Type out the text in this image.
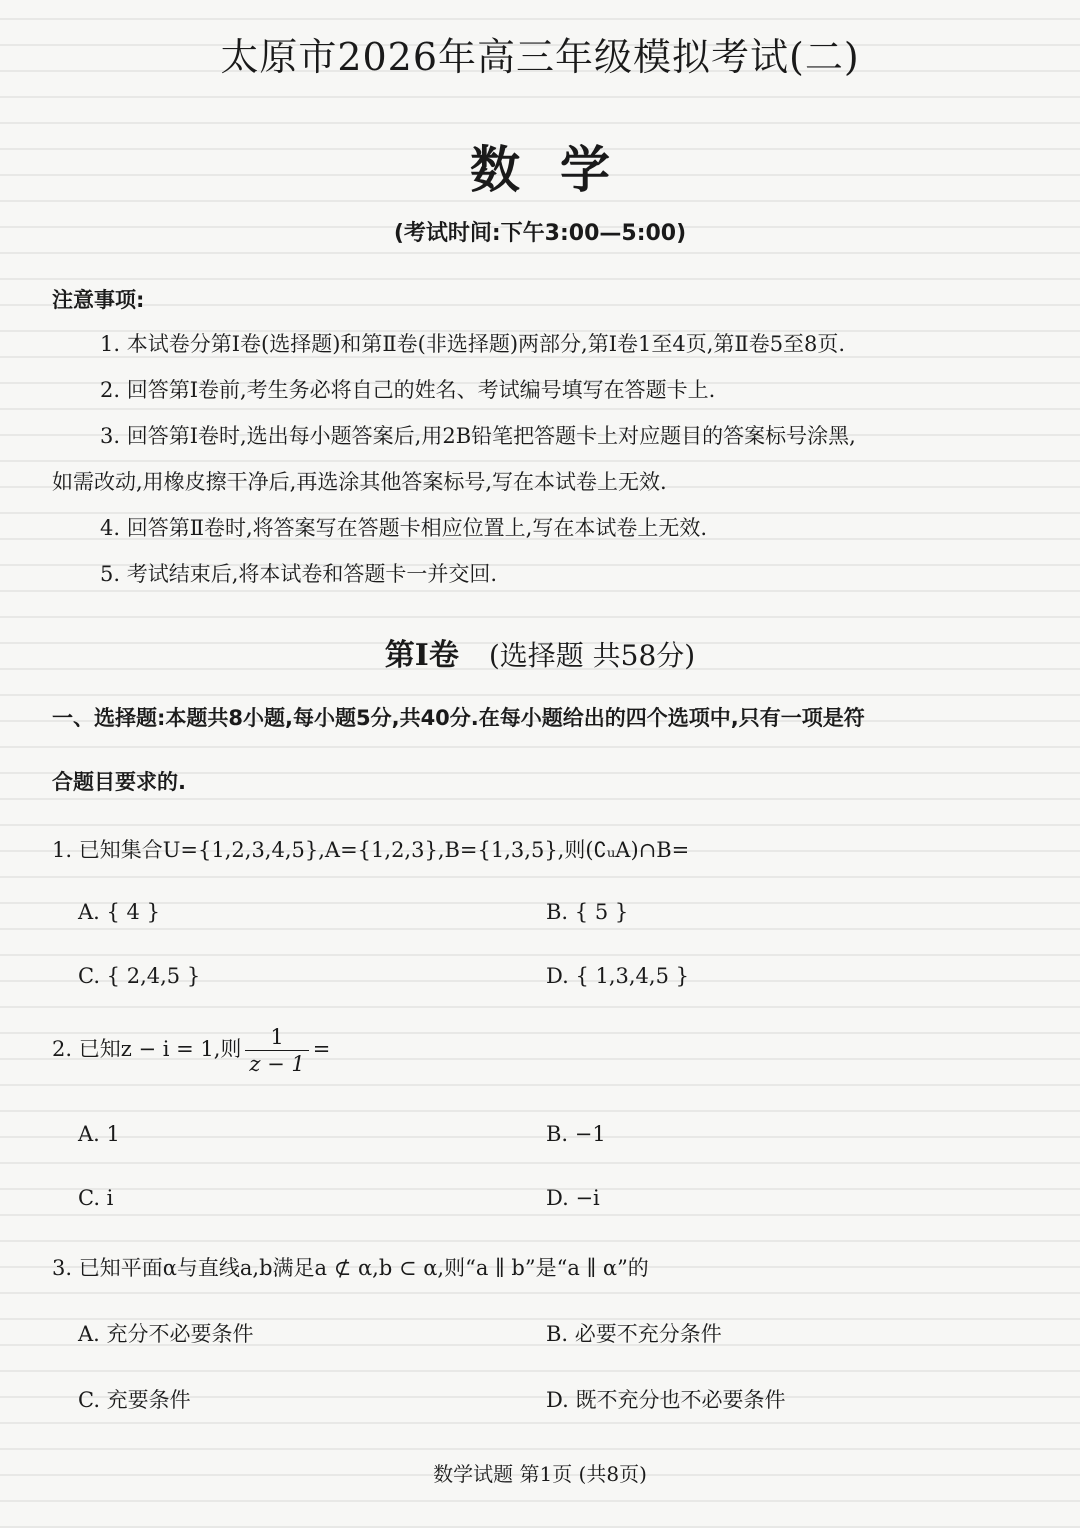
太原市2026年高三年级模拟考试(二)
数学
(考试时间:下午3:00—5:00)
注意事项:
1. 本试卷分第Ⅰ卷(选择题)和第Ⅱ卷(非选择题)两部分,第Ⅰ卷1至4页,第Ⅱ卷5至8页.
2. 回答第Ⅰ卷前,考生务必将自己的姓名、考试编号填写在答题卡上.
3. 回答第Ⅰ卷时,选出每小题答案后,用2B铅笔把答题卡上对应题目的答案标号涂黑,
如需改动,用橡皮擦干净后,再选涂其他答案标号,写在本试卷上无效.
4. 回答第Ⅱ卷时,将答案写在答题卡相应位置上,写在本试卷上无效.
5. 考试结束后,将本试卷和答题卡一并交回.
第Ⅰ卷 (选择题 共58分)
一、选择题:本题共8小题,每小题5分,共40分.在每小题给出的四个选项中,只有一项是符
合题目要求的.
1. 已知集合U={1,2,3,4,5},A={1,2,3},B={1,3,5},则(∁ᵤA)∩B=
A. { 4 }	B. { 5 }
C. { 2,4,5 }	D. { 1,3,4,5 }
2. 已知z − i = 1,则 $\frac{1}{z - 1}$ =
A. 1	B. −1
C. i	D. −i
3. 已知平面α与直线a,b满足a ⊄ α,b ⊂ α,则“a ∥ b”是“a ∥ α”的
A. 充分不必要条件	B. 必要不充分条件
C. 充要条件	D. 既不充分也不必要条件
数学试题 第1页 (共8页)
